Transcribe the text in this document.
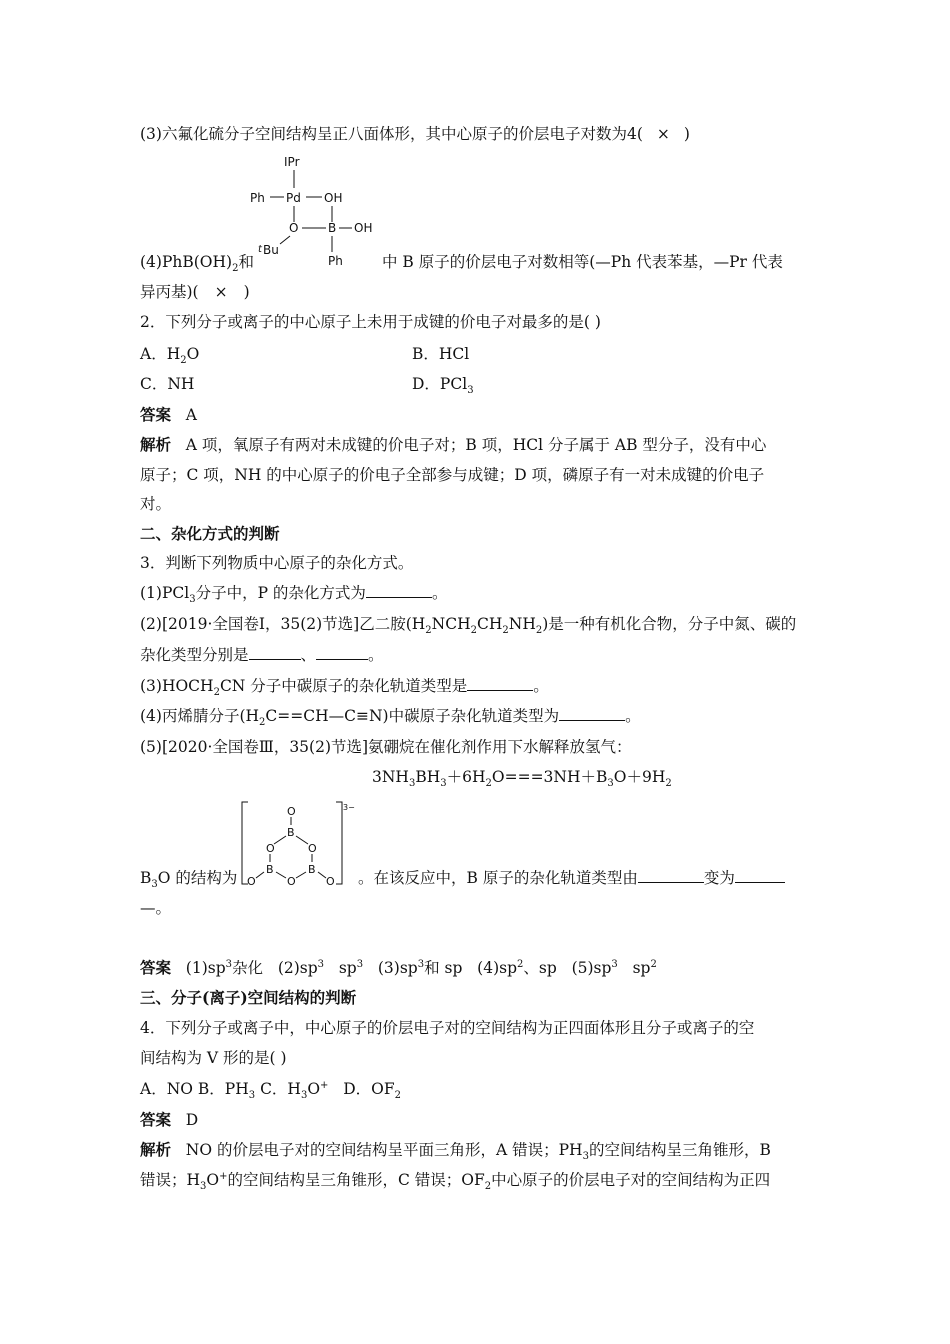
(3)六氟化硫分子空间结构呈正八面体形，其中心原子的价层电子对数为4( × )
IPr
Ph Pd OH
O B OH
t Bu
Ph
$(4)PhB(OH)_2$和	中 B 原子的价层电子对数相等(—Ph 代表苯基，—Pr 代表
异丙基)( × )
2．下列分子或离子的中心原子上未用于成键的价电子对最多的是( )
A．$H_2O$	B．HCl
C．NH	D．PCl$_3$
答案 A
解析 A 项，氧原子有两对未成键的价电子对；B 项，HCl 分子属于 AB 型分子，没有中心
原子；C 项，NH 的中心原子的价电子全部参与成键；D 项，磷原子有一对未成键的价电子
对。
二、杂化方式的判断
3．判断下列物质中心原子的杂化方式。
(1)PCl$_3$分子中，P 的杂化方式为	。
(2)[2019·全国卷Ⅰ，35(2)节选]乙二胺$(H_2NCH_2CH_2NH_2)$是一种有机化合物，分子中氮、碳的
杂化类型分别是	、	。
$(3)HOCH_2CN$ 分子中碳原子的杂化轨道类型是	。
(4)丙烯腈分子$(H_2C==CH—C\equiv N)$中碳原子杂化轨道类型为	。
(5)[2020·全国卷Ⅲ，35(2)节选]氨硼烷在催化剂作用下水解释放氢气：
$3NH_3BH_3+6H_2O===3NH+B_3O+9H_2$
3−
O
B
O	O
B	B
O
O	O
$B_3O$ 的结构为	。在该反应中，B 原子的杂化轨道类型由	变为
—。
答案 $(1)sp^3$杂化 $(2)sp^3$ $sp^3$ $(3)sp^3$和 sp $(4)sp^2$、sp $(5)sp^3$ $sp^2$
三、分子(离子)空间结构的判断
4．下列分子或离子中，中心原子的价层电子对的空间结构为正四面体形且分子或离子的空
间结构为 V 形的是( )
A．NO B．$PH_3$ C．$H_3O^+$ D．$OF_2$
答案 D
解析 NO 的价层电子对的空间结构呈平面三角形，A 错误；$PH_3$的空间结构呈三角锥形，B
错误；$H_3O^+$的空间结构呈三角锥形，C 错误；$OF_2$中心原子的价层电子对的空间结构为正四
